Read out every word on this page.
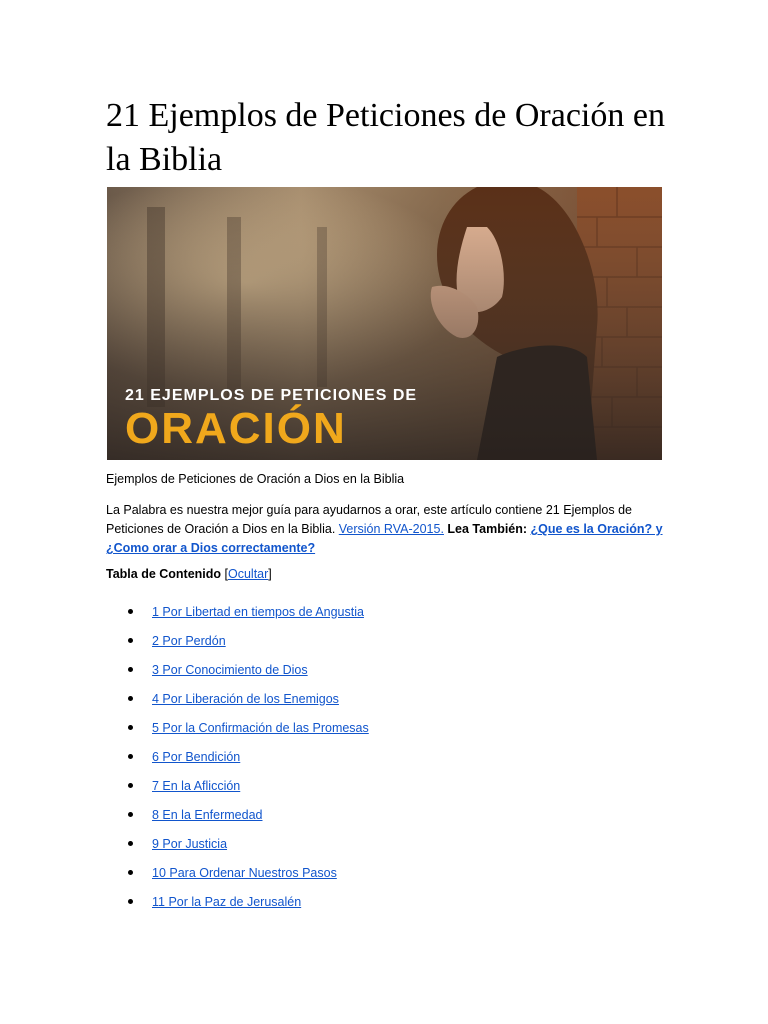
21 Ejemplos de Peticiones de Oración en la Biblia
21 EJEMPLOS DE PETICIONES DE
ORACIÓN
Ejemplos de Peticiones de Oración a Dios en la Biblia
La Palabra es nuestra mejor guía para ayudarnos a orar, este artículo contiene 21 Ejemplos de Peticiones de Oración a Dios en la Biblia. Versión RVA-2015. Lea También: ¿Que es la Oración? y ¿Como orar a Dios correctamente?
Tabla de Contenido [Ocultar]
1 Por Libertad en tiempos de Angustia
2 Por Perdón
3 Por Conocimiento de Dios
4 Por Liberación de los Enemigos
5 Por la Confirmación de las Promesas
6 Por Bendición
7 En la Aflicción
8 En la Enfermedad
9 Por Justicia
10 Para Ordenar Nuestros Pasos
11 Por la Paz de Jerusalén
